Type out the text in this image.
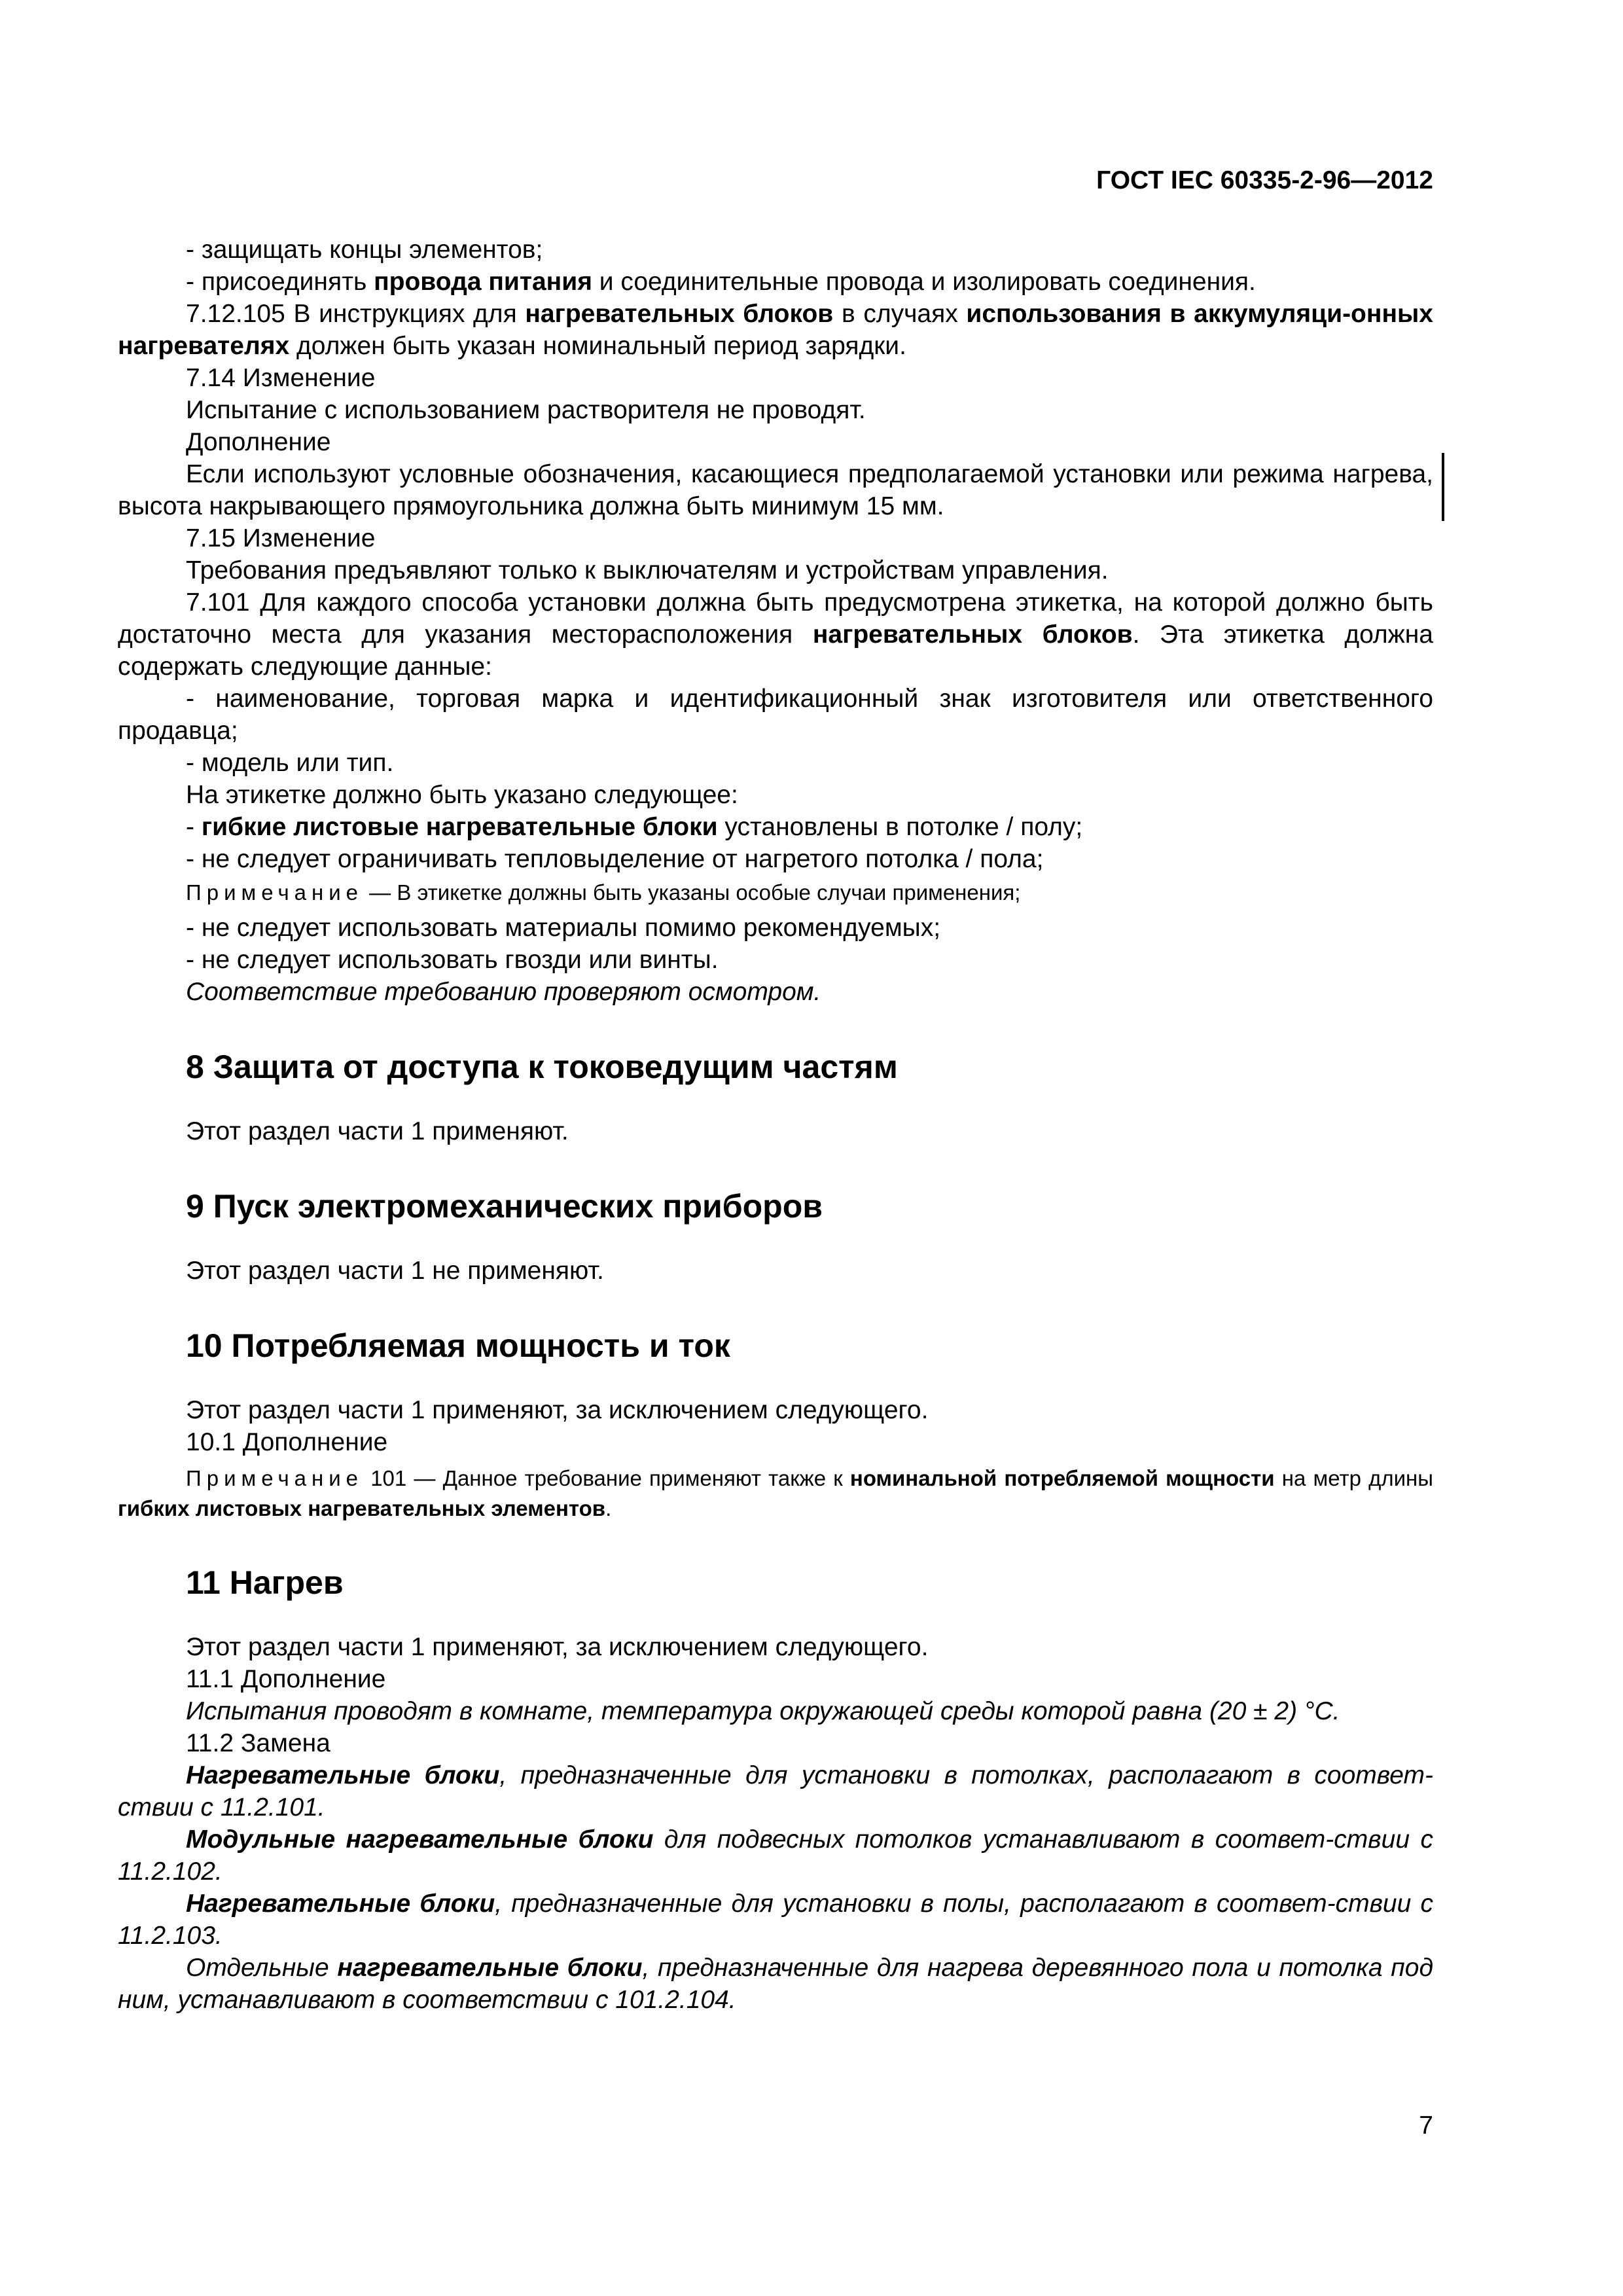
ГОСТ IEC 60335-2-96—2012

- защищать концы элементов;

- присоединять провода питания и соединительные провода и изолировать соединения.

7.12.105 В инструкциях для нагревательных блоков в случаях использования в аккумуляци-онных нагревателях должен быть указан номинальный период зарядки.

7.14 Изменение

Испытание с использованием растворителя не проводят.

Дополнение

Если используют условные обозначения, касающиеся предполагаемой установки или режима нагрева, высота накрывающего прямоугольника должна быть минимум 15 мм.

7.15 Изменение

Требования предъявляют только к выключателям и устройствам управления.

7.101 Для каждого способа установки должна быть предусмотрена этикетка, на которой должно быть достаточно места для указания месторасположения нагревательных блоков. Эта этикетка должна содержать следующие данные:

- наименование, торговая марка и идентификационный знак изготовителя или ответственного продавца;

- модель или тип.

На этикетке должно быть указано следующее:

- гибкие листовые нагревательные блоки установлены в потолке / полу;

- не следует ограничивать тепловыделение от нагретого потолка / пола;

Примечание — В этикетке должны быть указаны особые случаи применения;

- не следует использовать материалы помимо рекомендуемых;

- не следует использовать гвозди или винты.

Соответствие требованию проверяют осмотром.

8 Защита от доступа к токоведущим частям

Этот раздел части 1 применяют.

9 Пуск электромеханических приборов

Этот раздел части 1 не применяют.

10 Потребляемая мощность и ток

Этот раздел части 1 применяют, за исключением следующего.

10.1 Дополнение

Примечание 101 — Данное требование применяют также к номинальной потребляемой мощности на метр длины гибких листовых нагревательных элементов.

11 Нагрев

Этот раздел части 1 применяют, за исключением следующего.

11.1 Дополнение

Испытания проводят в комнате, температура окружающей среды которой равна (20 ± 2) °C.

11.2 Замена

Нагревательные блоки, предназначенные для установки в потолках, располагают в соответ-ствии с 11.2.101.

Модульные нагревательные блоки для подвесных потолков устанавливают в соответ-ствии с 11.2.102.

Нагревательные блоки, предназначенные для установки в полы, располагают в соответ-ствии с 11.2.103.

Отдельные нагревательные блоки, предназначенные для нагрева деревянного пола и потолка под ним, устанавливают в соответствии с 101.2.104.

7
